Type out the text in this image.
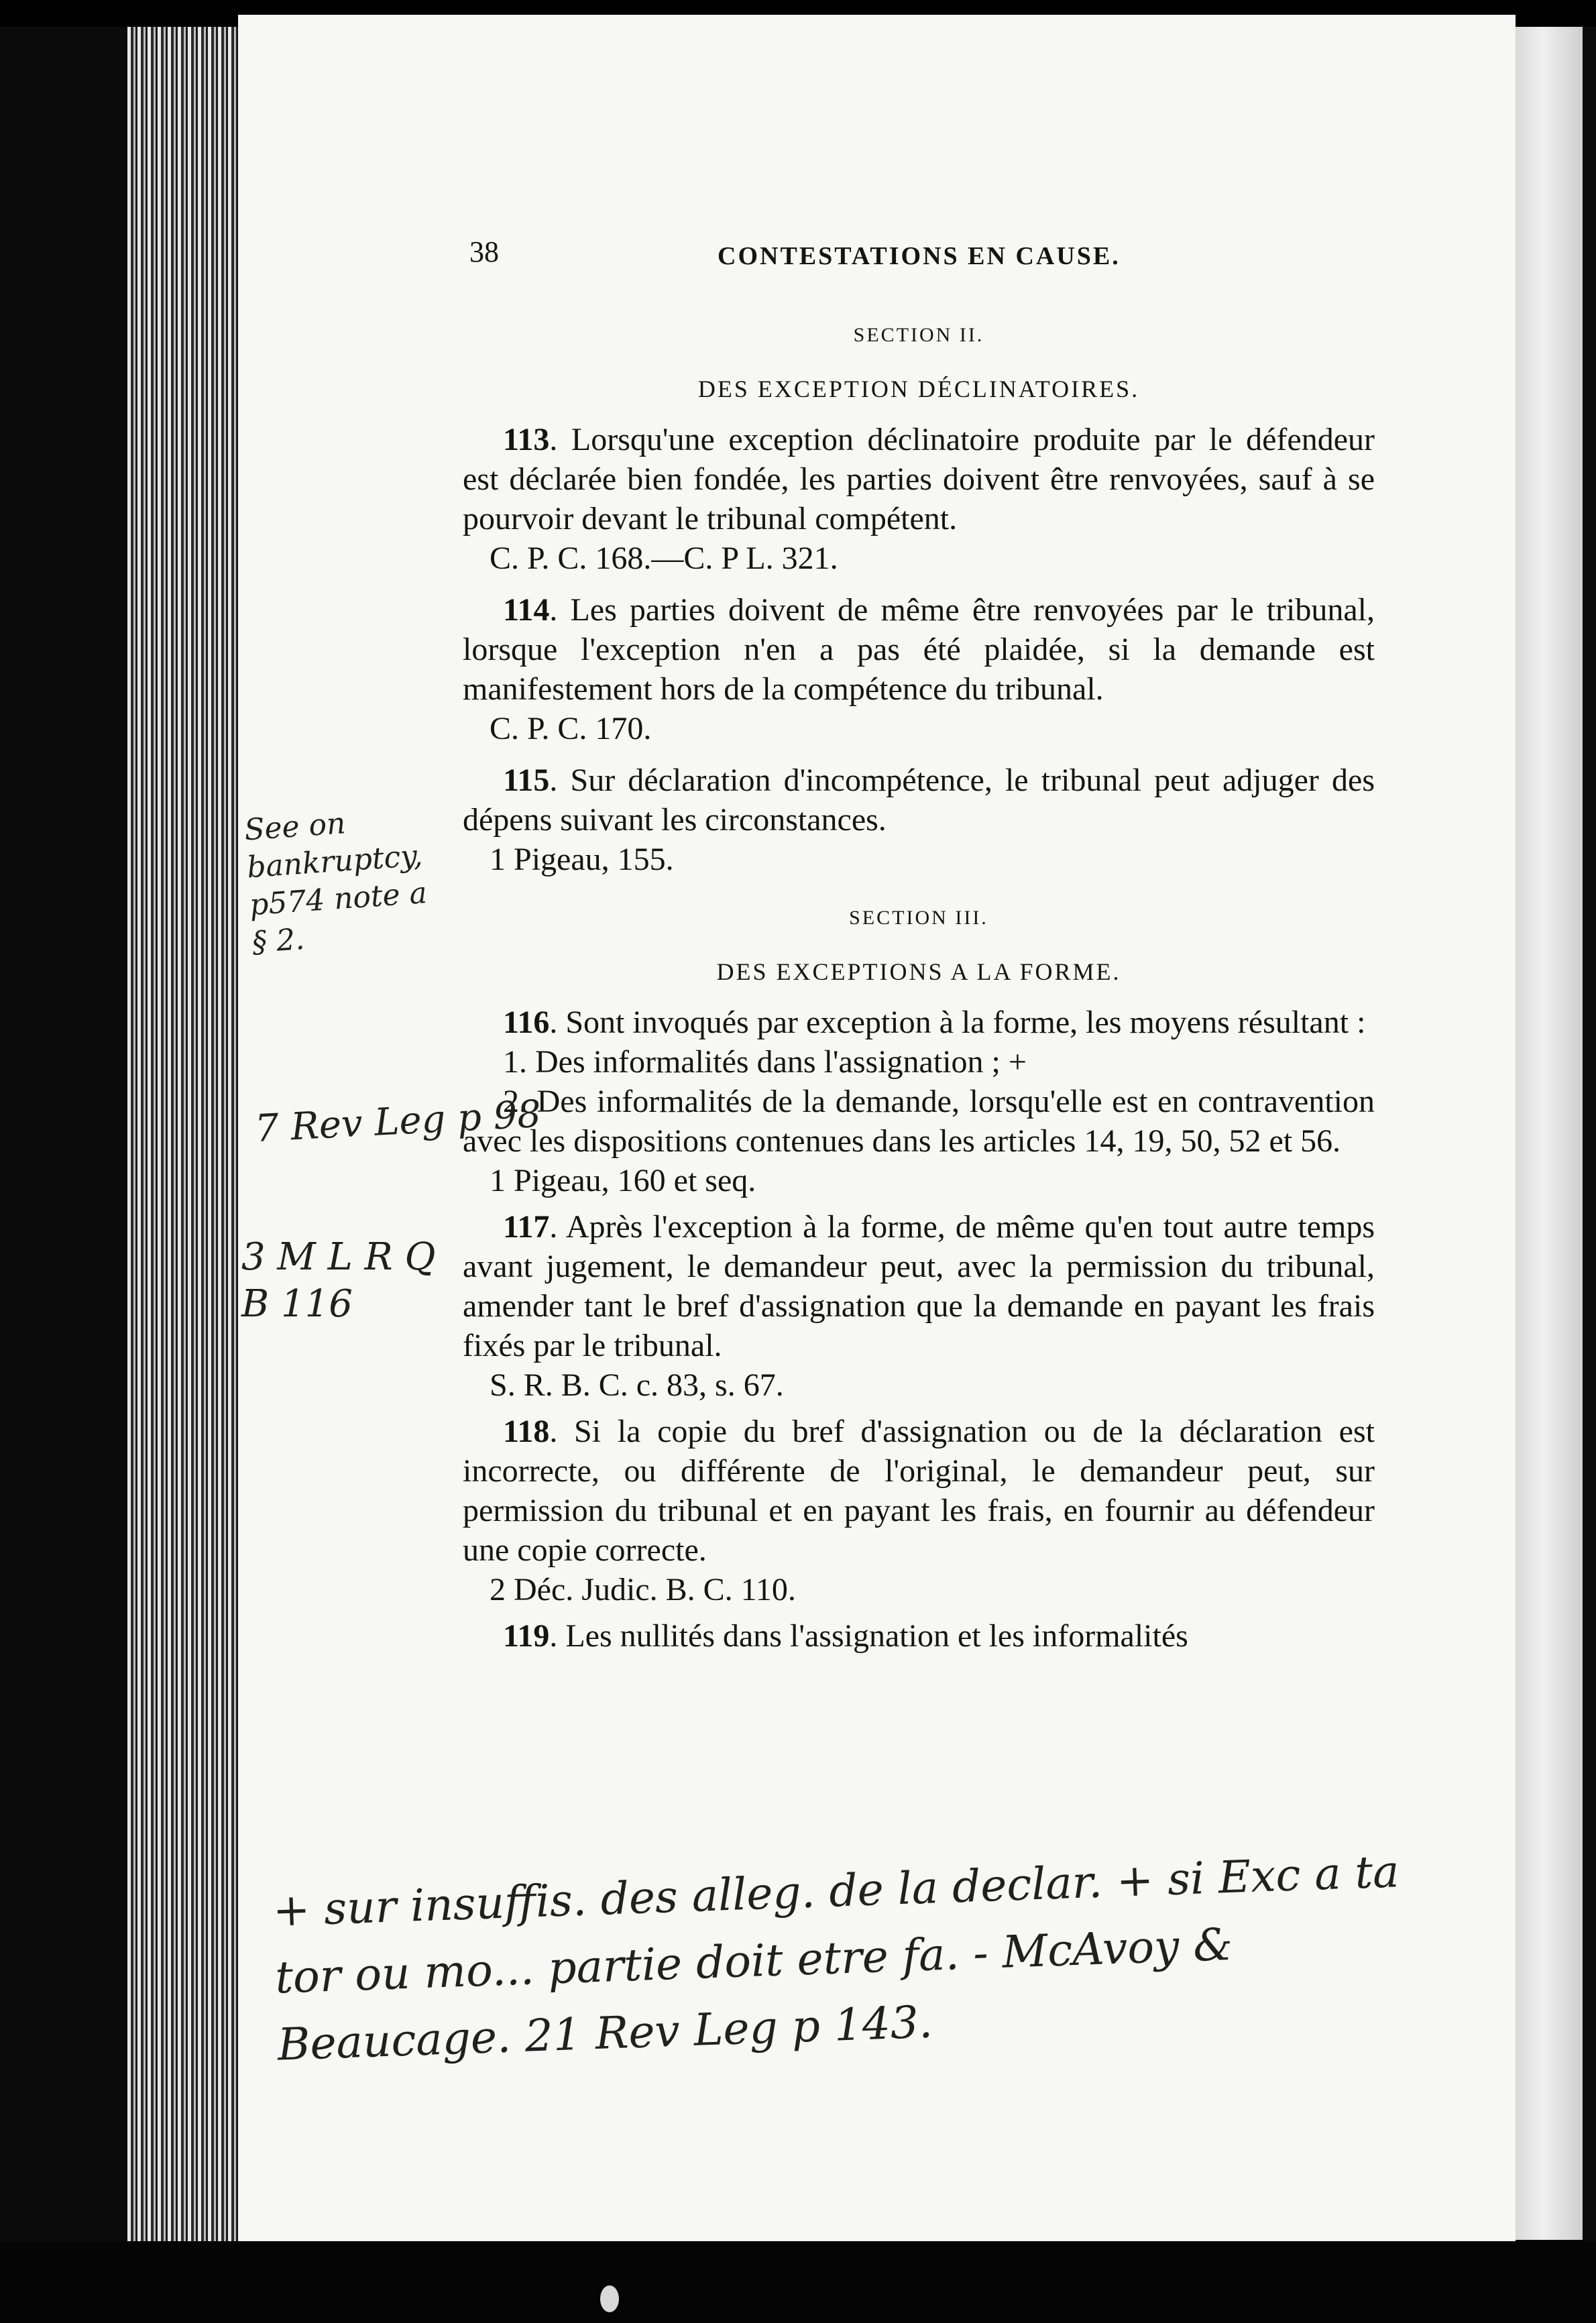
38	CONTESTATIONS EN CAUSE.
SECTION II.
DES EXCEPTION DÉCLINATOIRES.

113. Lorsqu'une exception déclinatoire produite par le défendeur est déclarée bien fondée, les parties doivent être renvoyées, sauf à se pourvoir devant le tribunal compétent.

C. P. C. 168.—C. P L. 321.

114. Les parties doivent de même être renvoyées par le tribunal, lorsque l'exception n'en a pas été plaidée, si la demande est manifestement hors de la compétence du tribunal.

C. P. C. 170.

115. Sur déclaration d'incompétence, le tribunal peut adjuger des dépens suivant les circonstances.

1 Pigeau, 155.

SECTION III.
DES EXCEPTIONS A LA FORME.

116. Sont invoqués par exception à la forme, les moyens résultant :

1. Des informalités dans l'assignation ; +

2. Des informalités de la demande, lorsqu'elle est en contravention avec les dispositions contenues dans les articles 14, 19, 50, 52 et 56.

1 Pigeau, 160 et seq.

117. Après l'exception à la forme, de même qu'en tout autre temps avant jugement, le demandeur peut, avec la permission du tribunal, amender tant le bref d'assignation que la demande en payant les frais fixés par le tribunal.

S. R. B. C. c. 83, s. 67.

118. Si la copie du bref d'assignation ou de la déclaration est incorrecte, ou différente de l'original, le demandeur peut, sur permission du tribunal et en payant les frais, en fournir au défendeur une copie correcte.

2 Déc. Judic. B. C. 110.

119. Les nullités dans l'assignation et les informalités

See on bankruptcy, p574 note a § 2.
7 Rev Leg p 98
3 M L R Q B 116
+ sur insuffis. des alleg. de la declar. + si Exc a ta tor ou mo... partie doit etre fa. - McAvoy & Beaucage. 21 Rev Leg p 143.
